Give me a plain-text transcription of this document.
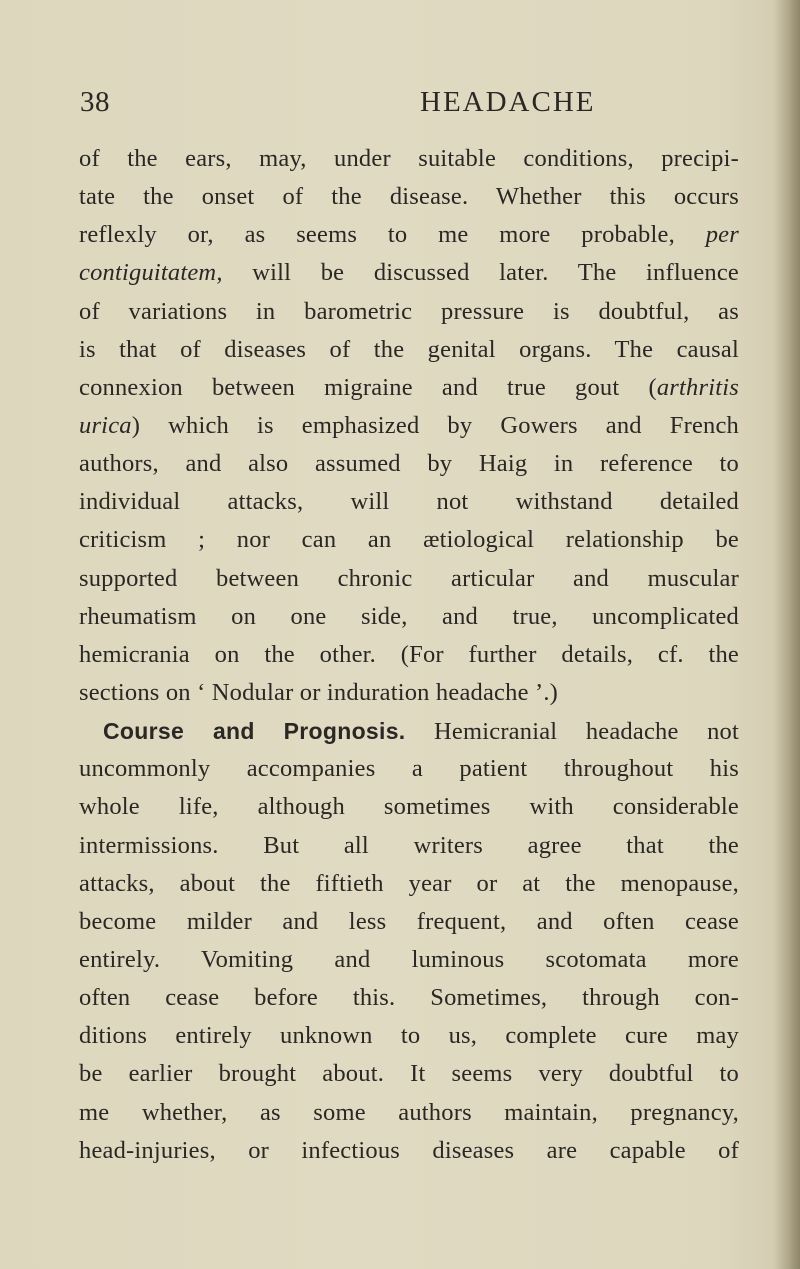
38	HEADACHE
of the ears, may, under suitable conditions, precipi-
tate the onset of the disease. Whether this occurs
reflexly or, as seems to me more probable, per
contiguitatem, will be discussed later. The influence
of variations in barometric pressure is doubtful, as
is that of diseases of the genital organs. The causal
connexion between migraine and true gout (arthritis
urica) which is emphasized by Gowers and French
authors, and also assumed by Haig in reference to
individual attacks, will not withstand detailed
criticism ; nor can an ætiological relationship be
supported between chronic articular and muscular
rheumatism on one side, and true, uncomplicated
hemicrania on the other. (For further details, cf. the
sections on ‘ Nodular or induration headache ’.)
Course and Prognosis. Hemicranial headache not
uncommonly accompanies a patient throughout his
whole life, although sometimes with considerable
intermissions. But all writers agree that the
attacks, about the fiftieth year or at the menopause,
become milder and less frequent, and often cease
entirely. Vomiting and luminous scotomata more
often cease before this. Sometimes, through con-
ditions entirely unknown to us, complete cure may
be earlier brought about. It seems very doubtful to
me whether, as some authors maintain, pregnancy,
head-injuries, or infectious diseases are capable of
